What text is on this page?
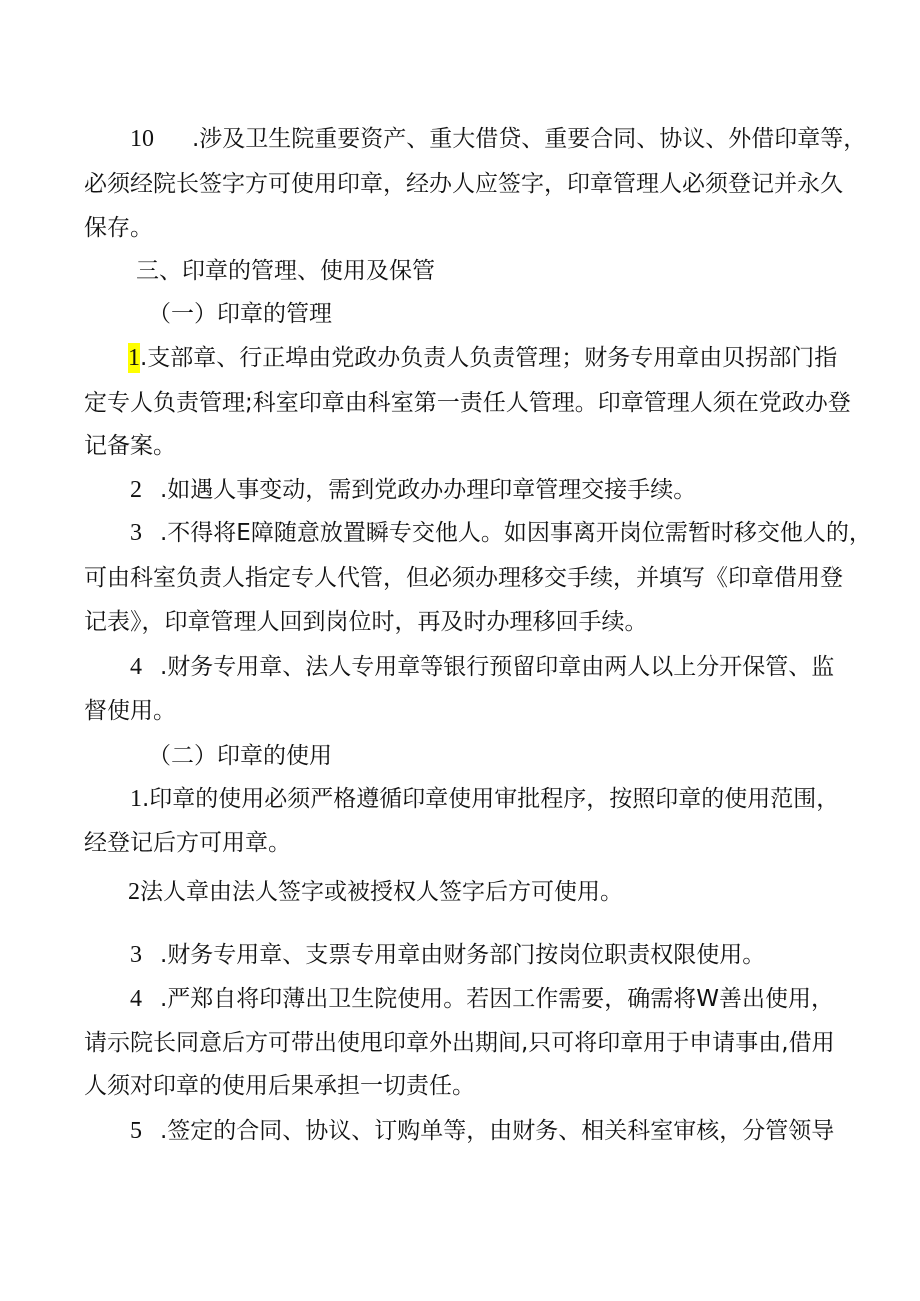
10 .涉及卫生院重要资产、重大借贷、重要合同、协议、外借印章等，
必须经院长签字方可使用印章，经办人应签字，印章管理人必须登记并永久
保存。
三、印章的管理、使用及保管
（一）印章的管理
1.支部章、行正埠由党政办负责人负责管理；财务专用章由贝拐部门指
定专人负责管理;科室印章由科室第一责任人管理。印章管理人须在党政办登
记备案。
2 .如遇人事变动，需到党政办办理印章管理交接手续。
3 .不得将E障随意放置瞬专交他人。如因事离开岗位需暂时移交他人的，
可由科室负责人指定专人代管，但必须办理移交手续，并填写《印章借用登
记表》，印章管理人回到岗位时，再及时办理移回手续。
4 .财务专用章、法人专用章等银行预留印章由两人以上分开保管、监
督使用。
（二）印章的使用
1.印章的使用必须严格遵循印章使用审批程序，按照印章的使用范围，
经登记后方可用章。
2法人章由法人签字或被授权人签字后方可使用。
3 .财务专用章、支票专用章由财务部门按岗位职责权限使用。
4 .严郑自将印薄出卫生院使用。若因工作需要，确需将W善出使用，
请示院长同意后方可带出使甩印章外出期间,只可将印章用于申请事由,借用
人须对印章的使用后果承担一切责任。
5 .签定的合同、协议、订购单等，由财务、相关科室审核，分管领导
